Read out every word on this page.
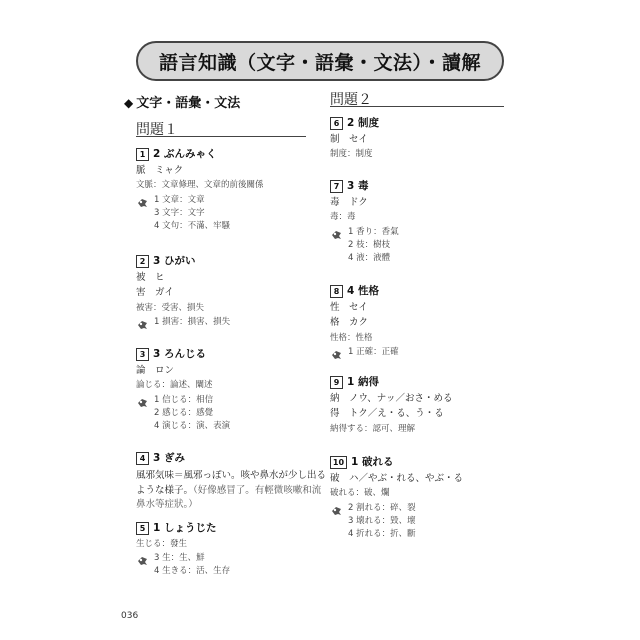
語言知識（文字・語彙・文法）・讀解
◆ 文字・語彙・文法
問題１
1 2 ぶんみゃく
脈　ミャク
文脈：文章條理、文章的前後關係
1 文章：文章
3 文字：文字
4 文句：不滿、牢騷
2 3 ひがい
被　ヒ
害　ガイ
被害：受害、損失
1 損害：損害、損失
3 3 ろんじる
論　ロン
論じる：論述、闡述
1 信じる：相信
2 感じる：感覺
4 演じる：演、表演
4 3 ぎみ
風邪気味＝風邪っぽい。咳や鼻水が少し出るような様子。（好像感冒了。有輕微咳嗽和流鼻水等症狀。）
5 1 しょうじた
生じる：發生
3 生：生、鮮
4 生きる：活、生存
問題２
6 2 制度
制　セイ
制度：制度
7 3 毒
毒　ドク
毒：毒
1 香り：香氣
2 枝：樹枝
4 液：液體
8 4 性格
性　セイ
格　カク
性格：性格
1 正確：正確
9 1 納得
納　ノウ、ナッ／おさ・める
得　トク／え・る、う・る
納得する：認可、理解
10 1 破れる
破　ハ／やぶ・れる、やぶ・る
破れる：破、爛
2 割れる：碎、裂
3 壊れる：毀、壞
4 折れる：折、斷
036
